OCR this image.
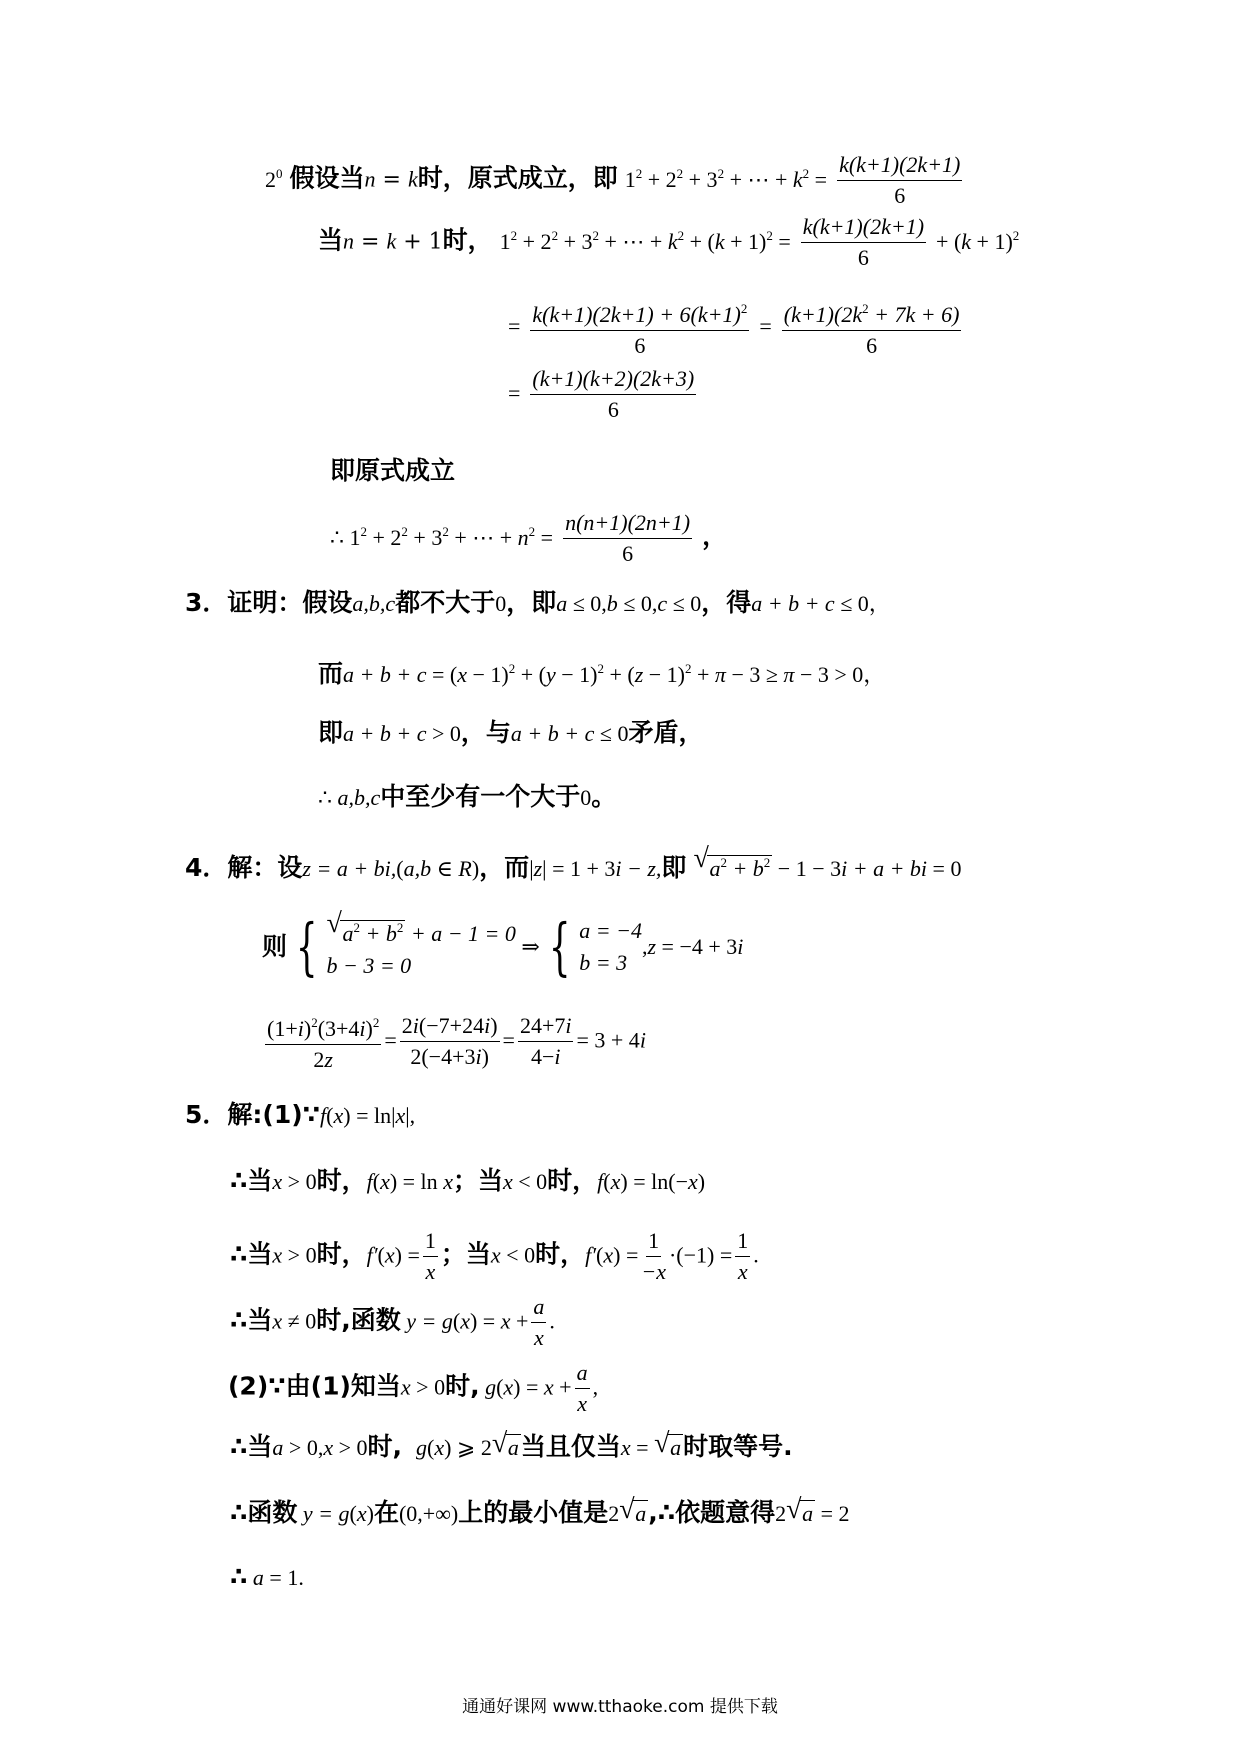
$2^0$ 假设当n = k时，原式成立，即 $1^2 + 2^2 + 3^2$ + ⋯ + $k^2 = \frac{k(k+1)(2k+1)}{6}$
当n = k + 1时， $1^2 + 2^2 + 3^2$ + ⋯ + $k^2 + (k + 1)^2 = \frac{k(k+1)(2k+1)}{6} + (k + 1)^2$
= $\frac{k(k+1)(2k+1) + 6(k+1)^2}{6} = \frac{(k+1)(2k^2 + 7k + 6)}{6}$
= $\frac{(k+1)(k+2)(2k+3)}{6}$
即原式成立
∴ $1^2 + 2^2 + 3^2$ + ⋯ + $n^2 = \frac{n(n+1)(2n+1)}{6}$ ，
3．证明：假设a,b,c都不大于0，即a ≤ 0,b ≤ 0,c ≤ 0，得a + b + c ≤ 0，
而$a + b + c = (x - 1)^2 + (y - 1)^2 + (z - 1)^2 + \pi - 3 \ge \pi - 3 > 0$，
即a + b + c > 0，与a + b + c ≤ 0矛盾，
∴ a,b,c中至少有一个大于0。
4．解：设z = a + bi,(a,b ∈ R)，而|z| = 1 + 3i − z,即 √ $a^2 + b^2 - 1 - 3i + a$ + bi = 0
则 { √ $a^2 + b^2 + a - 1 = 0$
b − 3 = 0
⇒ { a = −4
b = 3
,z = −4 + 3i
$\frac{(1+i)^2(3+4i)^2}{2z} = \frac{2i(-7+24i)}{2(-4+3i)} = \frac{24+7i}{4-i} = 3 + 4i$
5．解:(1)∵f(x) = ln|x|,
∴当x > 0时，f(x) = ln x；当x < 0时，f(x) = ln(−x)
∴当x > 0时，$f'(x) = \frac{1}{x}$ ；当x < 0时，$f'(x) = \frac{1}{-x} \cdot(-1) = \frac{1}{x}$ .
∴当x ≠ 0时,函数 $y = g(x) = x + \frac{a}{x}$ .
(2)∵由(1)知当x > 0时, $g(x) = x + \frac{a}{x}$ ,
∴当a > 0,x > 0时, g(x) ⩾ 2 √ a当且仅当x = √ a时取等号.
∴函数 y = g(x)在(0,+∞)上的最小值是2 √ a,∴依题意得2 √ a = 2
∴ a = 1.
通通好课网 www.tthaoke.com 提供下载
